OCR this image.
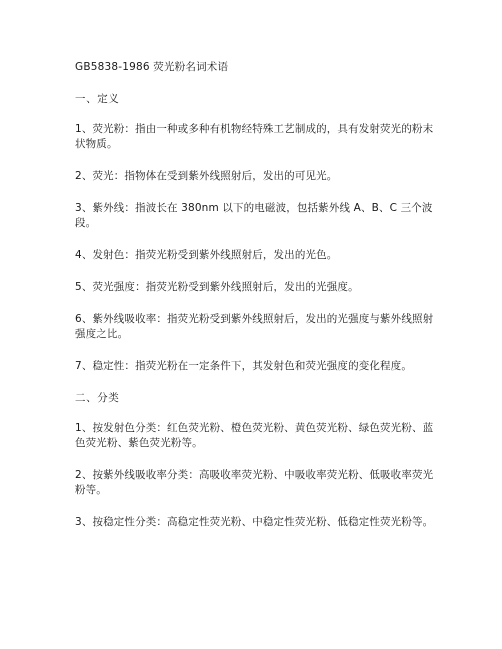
GB5838-1986 荧光粉名词术语
一、定义
1、荧光粉：指由一种或多种有机物经特殊工艺制成的，具有发射荧光的粉末状物质。
2、荧光：指物体在受到紫外线照射后，发出的可见光。
3、紫外线：指波长在 380nm 以下的电磁波，包括紫外线 A、B、C 三个波段。
4、发射色：指荧光粉受到紫外线照射后，发出的光色。
5、荧光强度：指荧光粉受到紫外线照射后，发出的光强度。
6、紫外线吸收率：指荧光粉受到紫外线照射后，发出的光强度与紫外线照射强度之比。
7、稳定性：指荧光粉在一定条件下，其发射色和荧光强度的变化程度。
二、分类
1、按发射色分类：红色荧光粉、橙色荧光粉、黄色荧光粉、绿色荧光粉、蓝色荧光粉、紫色荧光粉等。
2、按紫外线吸收率分类：高吸收率荧光粉、中吸收率荧光粉、低吸收率荧光粉等。
3、按稳定性分类：高稳定性荧光粉、中稳定性荧光粉、低稳定性荧光粉等。
